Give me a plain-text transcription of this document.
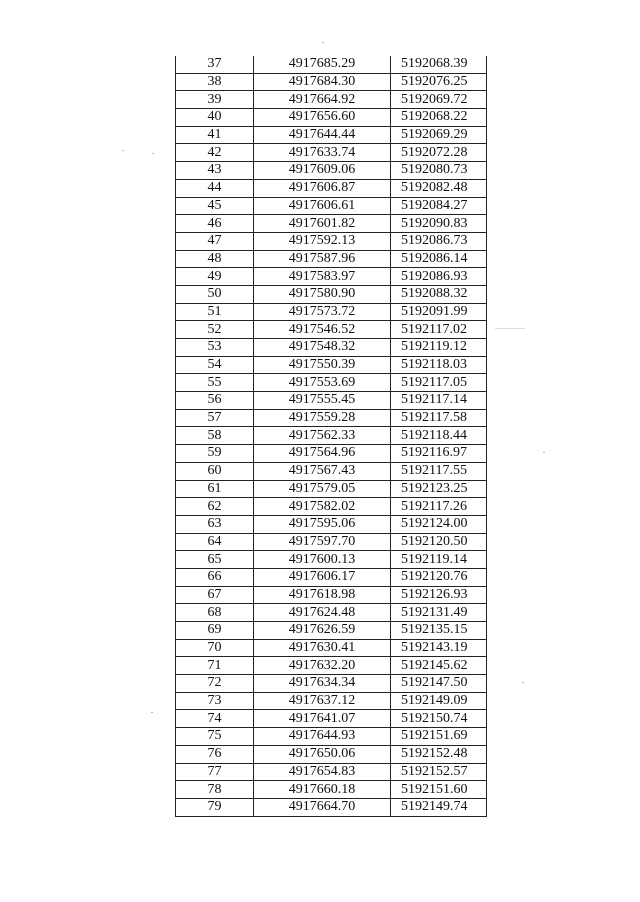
37	4917685.29	5192068.39
38	4917684.30	5192076.25
39	4917664.92	5192069.72
40	4917656.60	5192068.22
41	4917644.44	5192069.29
42	4917633.74	5192072.28
43	4917609.06	5192080.73
44	4917606.87	5192082.48
45	4917606.61	5192084.27
46	4917601.82	5192090.83
47	4917592.13	5192086.73
48	4917587.96	5192086.14
49	4917583.97	5192086.93
50	4917580.90	5192088.32
51	4917573.72	5192091.99
52	4917546.52	5192117.02
53	4917548.32	5192119.12
54	4917550.39	5192118.03
55	4917553.69	5192117.05
56	4917555.45	5192117.14
57	4917559.28	5192117.58
58	4917562.33	5192118.44
59	4917564.96	5192116.97
60	4917567.43	5192117.55
61	4917579.05	5192123.25
62	4917582.02	5192117.26
63	4917595.06	5192124.00
64	4917597.70	5192120.50
65	4917600.13	5192119.14
66	4917606.17	5192120.76
67	4917618.98	5192126.93
68	4917624.48	5192131.49
69	4917626.59	5192135.15
70	4917630.41	5192143.19
71	4917632.20	5192145.62
72	4917634.34	5192147.50
73	4917637.12	5192149.09
74	4917641.07	5192150.74
75	4917644.93	5192151.69
76	4917650.06	5192152.48
77	4917654.83	5192152.57
78	4917660.18	5192151.60
79	4917664.70	5192149.74
